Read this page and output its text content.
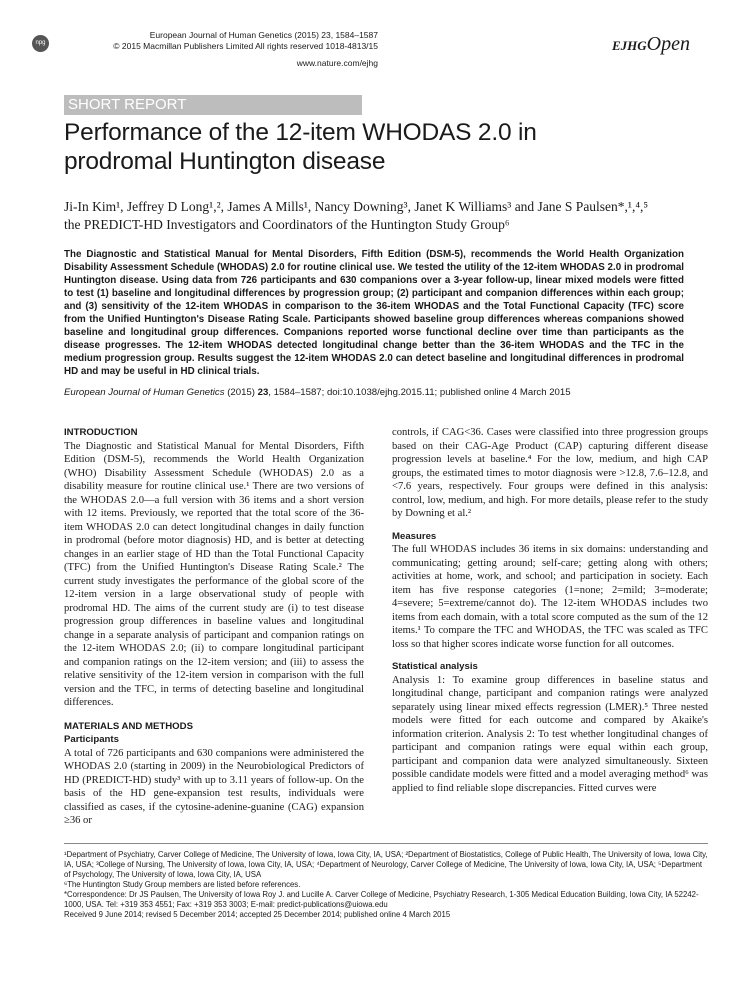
npg
European Journal of Human Genetics (2015) 23, 1584–1587
© 2015 Macmillan Publishers Limited All rights reserved 1018-4813/15
www.nature.com/ejhg
EJHGOpen
SHORT REPORT
Performance of the 12-item WHODAS 2.0 in
prodromal Huntington disease
Ji-In Kim¹, Jeffrey D Long¹,², James A Mills¹, Nancy Downing³, Janet K Williams³ and Jane S Paulsen*,¹,⁴,⁵
the PREDICT-HD Investigators and Coordinators of the Huntington Study Group⁶
The Diagnostic and Statistical Manual for Mental Disorders, Fifth Edition (DSM-5), recommends the World Health Organization Disability Assessment Schedule (WHODAS) 2.0 for routine clinical use. We tested the utility of the 12-item WHODAS 2.0 in prodromal Huntington disease. Using data from 726 participants and 630 companions over a 3-year follow-up, linear mixed models were fitted to test (1) baseline and longitudinal differences by progression group; (2) participant and companion differences within each group; and (3) sensitivity of the 12-item WHODAS in comparison to the 36-item WHODAS and the Total Functional Capacity (TFC) score from the Unified Huntington's Disease Rating Scale. Participants showed baseline group differences whereas companions showed baseline and longitudinal group differences. Companions reported worse functional decline over time than participants as the disease progresses. The 12-item WHODAS detected longitudinal change better than the 36-item WHODAS and the TFC in the medium progression group. Results suggest the 12-item WHODAS 2.0 can detect baseline and longitudinal differences in prodromal HD and may be useful in HD clinical trials.
European Journal of Human Genetics (2015) 23, 1584–1587; doi:10.1038/ejhg.2015.11; published online 4 March 2015
INTRODUCTION

The Diagnostic and Statistical Manual for Mental Disorders, Fifth Edition (DSM-5), recommends the World Health Organization (WHO) Disability Assessment Schedule (WHODAS) 2.0 as a disability measure for routine clinical use.¹ There are two versions of the WHODAS 2.0—a full version with 36 items and a short version with 12 items. Previously, we reported that the total score of the 36-item WHODAS 2.0 can detect longitudinal changes in daily function in prodromal (before motor diagnosis) HD, and is better at detecting changes in an earlier stage of HD than the Total Functional Capacity (TFC) from the Unified Huntington's Disease Rating Scale.² The current study investigates the performance of the global score of the 12-item version in a large observational study of people with prodromal HD. The aims of the current study are (i) to test disease progression group differences in baseline values and longitudinal change in a separate analysis of participant and companion ratings on the 12-item WHODAS 2.0; (ii) to compare longitudinal participant and companion ratings on the 12-item version; and (iii) to assess the relative sensitivity of the 12-item version in comparison with the full version and the TFC, in terms of detecting baseline and longitudinal differences.

MATERIALS AND METHODS
Participants

A total of 726 participants and 630 companions were administered the WHODAS 2.0 (starting in 2009) in the Neurobiological Predictors of HD (PREDICT-HD) study³ with up to 3.11 years of follow-up. On the basis of the HD gene-expansion test results, individuals were classified as cases, if the cytosine-adenine-guanine (CAG) expansion ≥36 or

controls, if CAG<36. Cases were classified into three progression groups based on their CAG-Age Product (CAP) capturing different disease progression levels at baseline.⁴ For the low, medium, and high CAP groups, the estimated times to motor diagnosis were >12.8, 7.6–12.8, and <7.6 years, respectively. Four groups were defined in this analysis: control, low, medium, and high. For more details, please refer to the study by Downing et al.²

Measures

The full WHODAS includes 36 items in six domains: understanding and communicating; getting around; self-care; getting along with others; activities at home, work, and school; and participation in society. Each item has five response categories (1=none; 2=mild; 3=moderate; 4=severe; 5=extreme/cannot do). The 12-item WHODAS includes two items from each domain, with a total score computed as the sum of the 12 items.¹ To compare the TFC and WHODAS, the TFC was scaled as TFC loss so that higher scores indicate worse function for all outcomes.

Statistical analysis

Analysis 1: To examine group differences in baseline status and longitudinal change, participant and companion ratings were analyzed separately using linear mixed effects regression (LMER).⁵ Three nested models were fitted for each outcome and compared by Akaike's information criterion. Analysis 2: To test whether longitudinal changes of participant and companion ratings were equal within each group, participant and companion data were analyzed simultaneously. Sixteen possible candidate models were fitted and a model averaging method⁶ was applied to find reliable slope discrepancies. Fitted curves were

¹Department of Psychiatry, Carver College of Medicine, The University of Iowa, Iowa City, IA, USA; ²Department of Biostatistics, College of Public Health, The University of Iowa, Iowa City, IA, USA; ³College of Nursing, The University of Iowa, Iowa City, IA, USA; ⁴Department of Neurology, Carver College of Medicine, The University of Iowa, Iowa City, IA, USA; ⁵Department of Psychology, The University of Iowa, Iowa City, IA, USA
⁶The Huntington Study Group members are listed before references.
*Correspondence: Dr JS Paulsen, The University of Iowa Roy J. and Lucille A. Carver College of Medicine, Psychiatry Research, 1-305 Medical Education Building, Iowa City, IA 52242-1000, USA. Tel: +319 353 4551; Fax: +319 353 3003; E-mail: predict-publications@uiowa.edu
Received 9 June 2014; revised 5 December 2014; accepted 25 December 2014; published online 4 March 2015
